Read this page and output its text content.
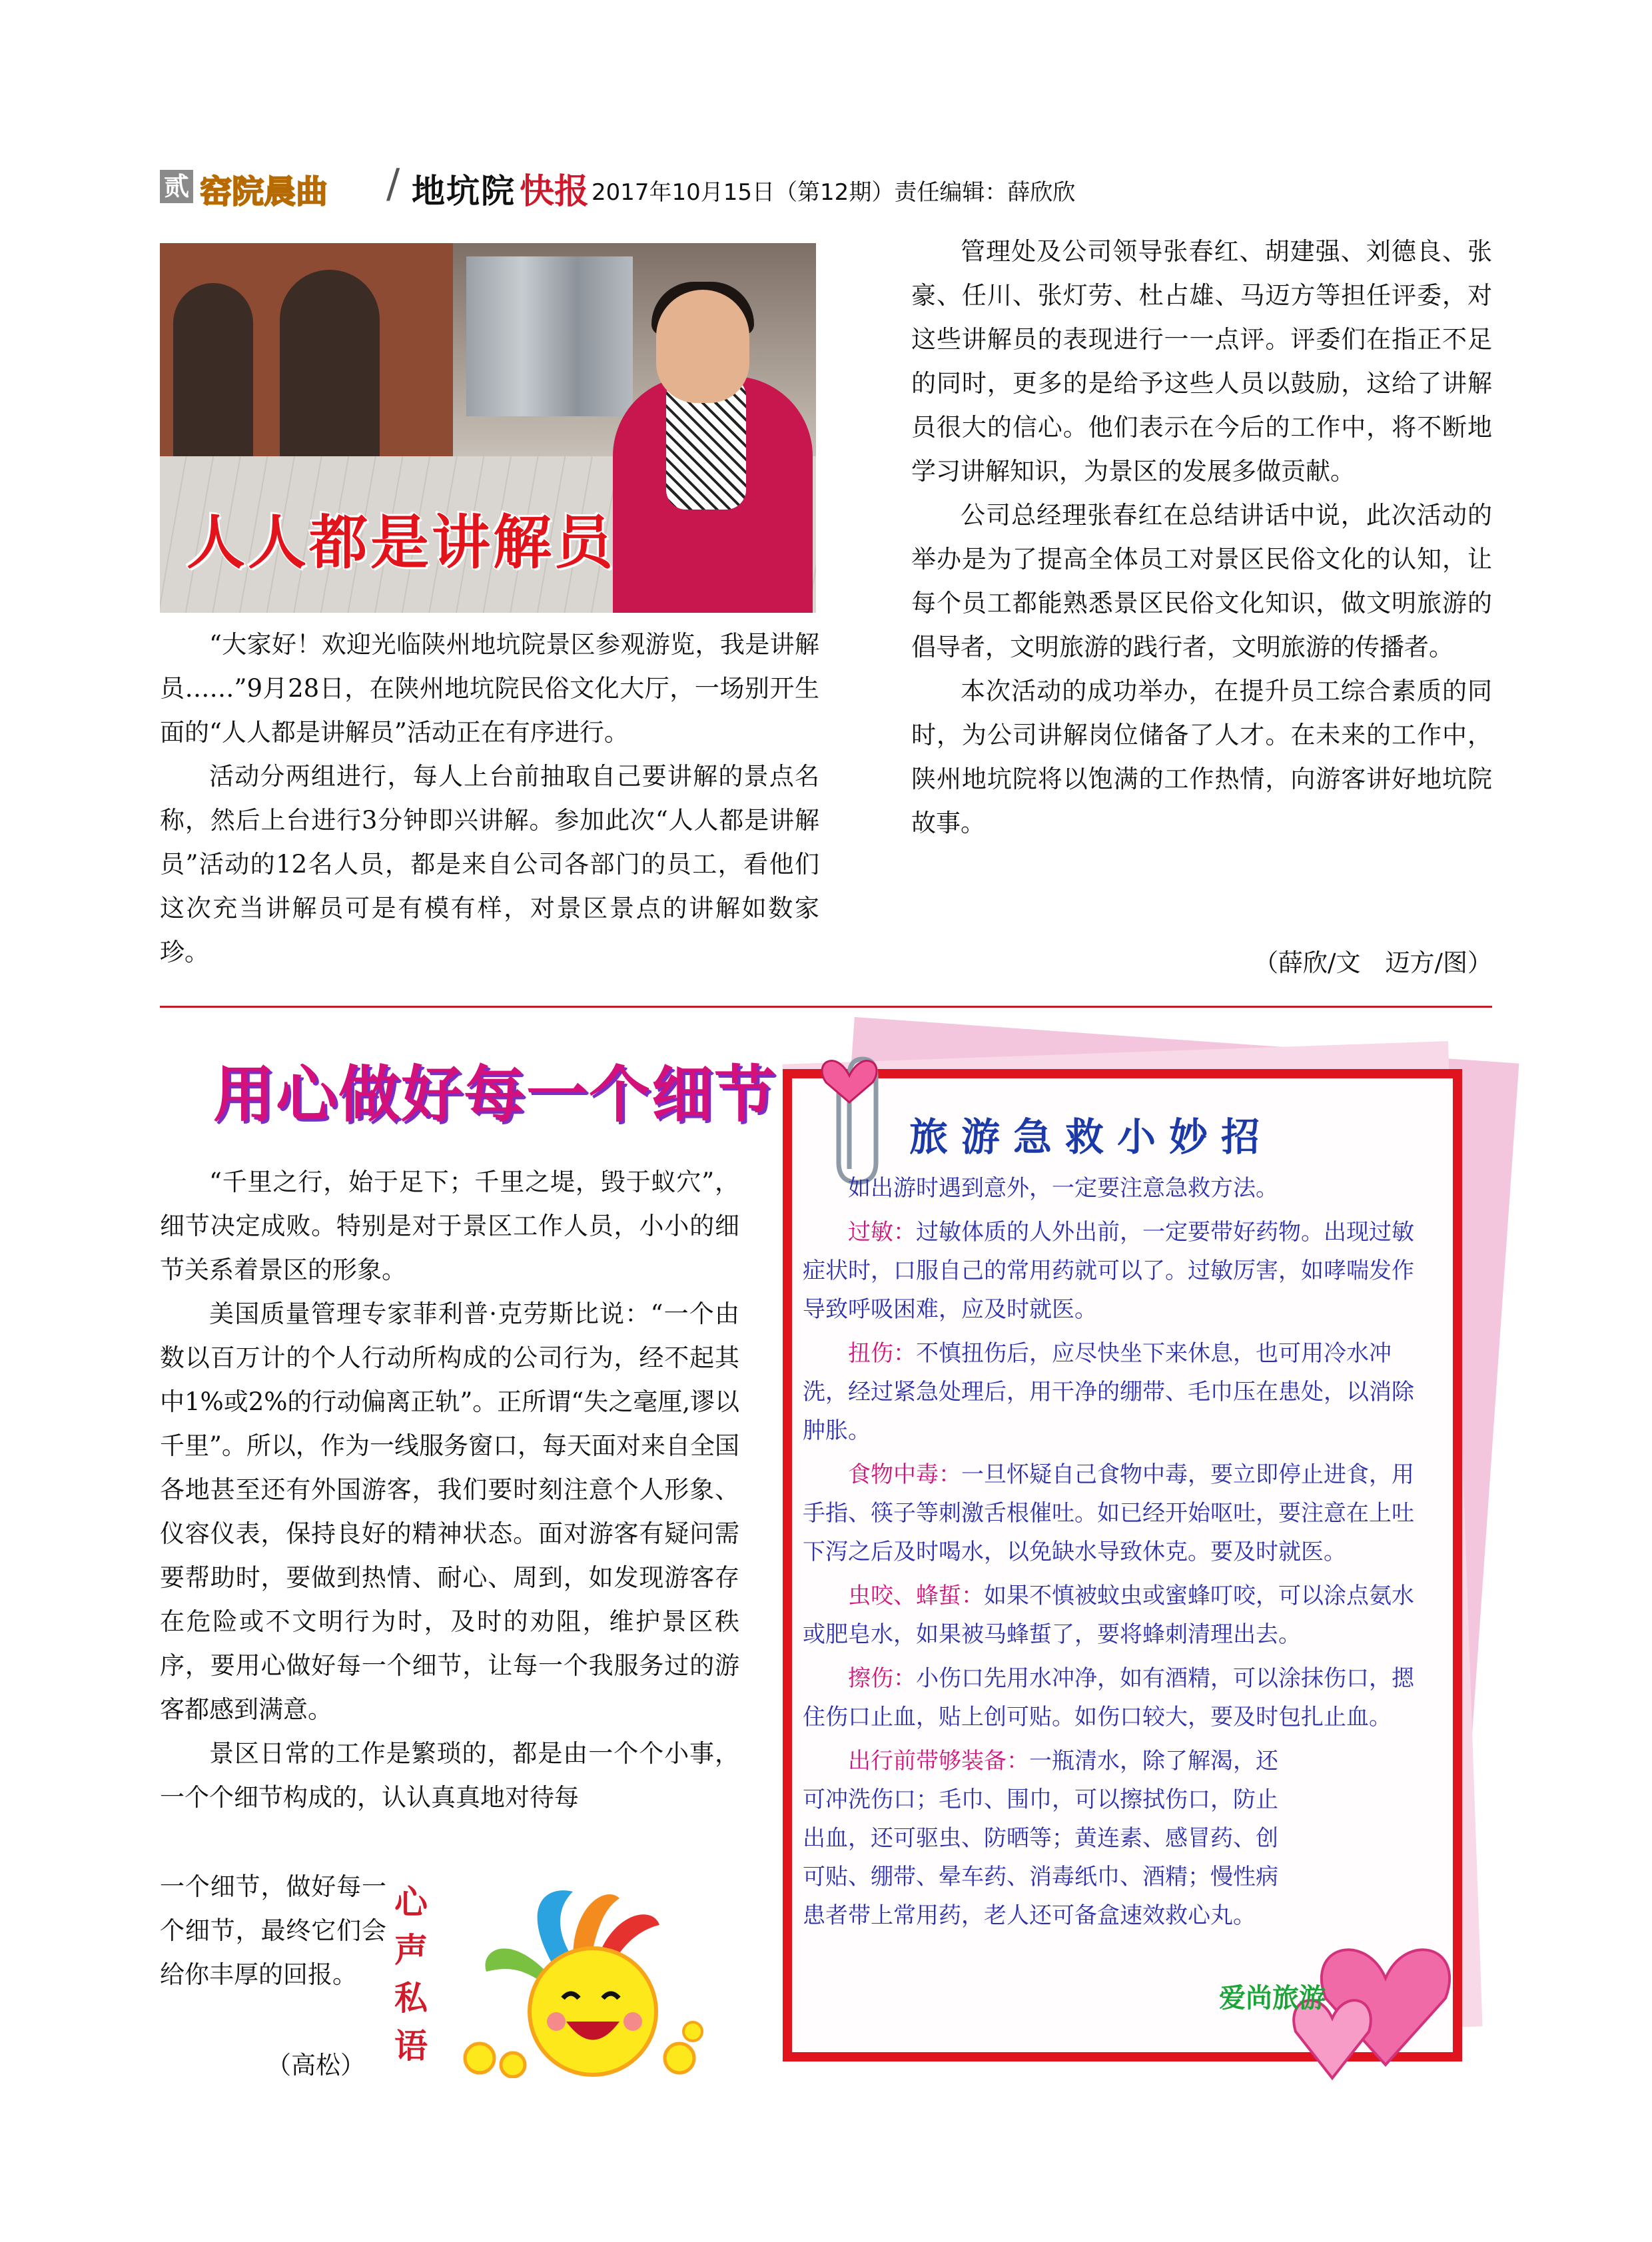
贰 窑院晨曲 / 地坑院 快报 2017年10月15日（第12期）责任编辑：薛欣欣
人人都是讲解员

“大家好！欢迎光临陕州地坑院景区参观游览，我是讲解员……”9月28日，在陕州地坑院民俗文化大厅，一场别开生面的“人人都是讲解员”活动正在有序进行。

活动分两组进行，每人上台前抽取自己要讲解的景点名称，然后上台进行3分钟即兴讲解。参加此次“人人都是讲解员”活动的12名人员，都是来自公司各部门的员工，看他们这次充当讲解员可是有模有样，对景区景点的讲解如数家珍。

管理处及公司领导张春红、胡建强、刘德良、张豪、任川、张灯劳、杜占雄、马迈方等担任评委，对这些讲解员的表现进行一一点评。评委们在指正不足的同时，更多的是给予这些人员以鼓励，这给了讲解员很大的信心。他们表示在今后的工作中，将不断地学习讲解知识，为景区的发展多做贡献。

公司总经理张春红在总结讲话中说，此次活动的举办是为了提高全体员工对景区民俗文化的认知，让每个员工都能熟悉景区民俗文化知识，做文明旅游的倡导者，文明旅游的践行者，文明旅游的传播者。

本次活动的成功举办，在提升员工综合素质的同时，为公司讲解岗位储备了人才。在未来的工作中，陕州地坑院将以饱满的工作热情，向游客讲好地坑院故事。

（薛欣/文　迈方/图）
用心做好每一个细节

“千里之行，始于足下；千里之堤，毁于蚁穴”，细节决定成败。特别是对于景区工作人员，小小的细节关系着景区的形象。

美国质量管理专家菲利普·克劳斯比说：“一个由数以百万计的个人行动所构成的公司行为，经不起其中1%或2%的行动偏离正轨”。正所谓“失之毫厘,谬以千里”。所以，作为一线服务窗口，每天面对来自全国各地甚至还有外国游客，我们要时刻注意个人形象、仪容仪表，保持良好的精神状态。面对游客有疑问需要帮助时，要做到热情、耐心、周到，如发现游客存在危险或不文明行为时，及时的劝阻，维护景区秩序，要用心做好每一个细节，让每一个我服务过的游客都感到满意。

景区日常的工作是繁琐的，都是由一个个小事，一个个细节构成的，认认真真地对待每

一个细节，做好每一个细节，最终它们会给你丰厚的回报。

（高松）
心
声
私
语
旅游急救小妙招

如出游时遇到意外，一定要注意急救方法。

过敏：过敏体质的人外出前，一定要带好药物。出现过敏症状时，口服自己的常用药就可以了。过敏厉害，如哮喘发作导致呼吸困难，应及时就医。

扭伤：不慎扭伤后，应尽快坐下来休息，也可用冷水冲洗，经过紧急处理后，用干净的绷带、毛巾压在患处，以消除肿胀。

食物中毒：一旦怀疑自己食物中毒，要立即停止进食，用手指、筷子等刺激舌根催吐。如已经开始呕吐，要注意在上吐下泻之后及时喝水，以免缺水导致休克。要及时就医。

虫咬、蜂蜇：如果不慎被蚊虫或蜜蜂叮咬，可以涂点氨水或肥皂水，如果被马蜂蜇了，要将蜂刺清理出去。

擦伤：小伤口先用水冲净，如有酒精，可以涂抹伤口，摁住伤口止血，贴上创可贴。如伤口较大，要及时包扎止血。

出行前带够装备：一瓶清水，除了解渴，还可冲洗伤口；毛巾、围巾，可以擦拭伤口，防止出血，还可驱虫、防晒等；黄连素、感冒药、创可贴、绷带、晕车药、消毒纸巾、酒精；慢性病患者带上常用药，老人还可备盒速效救心丸。

爱尚旅游
